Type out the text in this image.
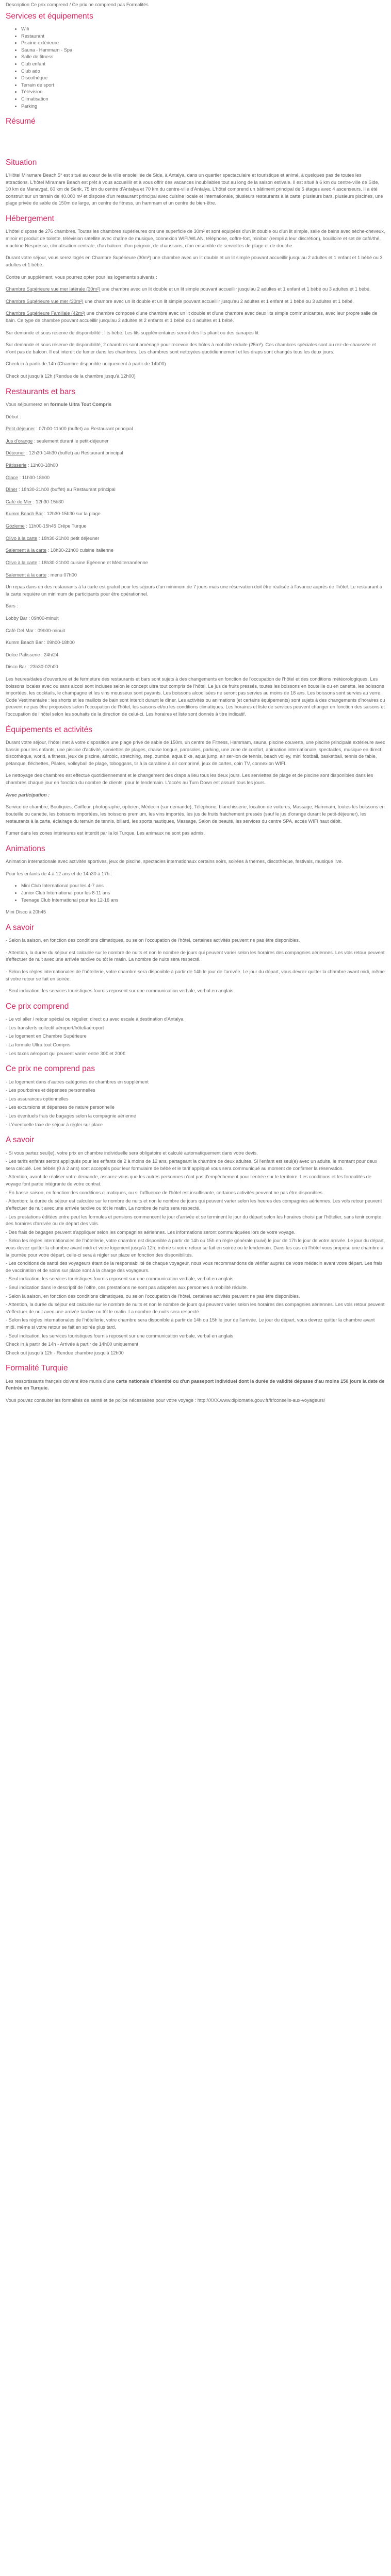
Description Ce prix comprend / Ce prix ne comprend pas Formalités

Services et équipements
• Wifi
• Restaurant
• Piscine extérieure
• Sauna - Hammam - Spa
• Salle de fitness
• Club enfant
• Club ado
• Discothèque
• Terrain de sport
• Télévision
• Climatisation
• Parking
Résumé
Situation

L'Hôtel Miramare Beach 5* est situé au cœur de la ville ensoleillée de Side, à Antalya, dans un quartier spectaculaire et touristique et animé, à quelques pas de toutes les attractions. L'hôtel Miramare Beach est prêt à vous accueillir et à vous offrir des vacances inoubliables tout au long de la saison estivale. Il est situé à 6 km du centre-ville de Side, 10 km de Manavgat, 60 km de Serik, 75 km du centre d'Antalya et 70 km du centre-ville d'Antalya. L'hôtel comprend un bâtiment principal de 5 étages avec 4 ascenseurs. Il a été construit sur un terrain de 40.000 m² et dispose d'un restaurant principal avec cuisine locale et internationale, plusieurs restaurants à la carte, plusieurs bars, plusieurs piscines, une plage privée de sable de 150m de large, un centre de fitness, un hammam et un centre de bien-être.

Hébergement

L'hôtel dispose de 276 chambres. Toutes les chambres supérieures ont une superficie de 30m² et sont équipées d'un lit double ou d'un lit simple, salle de bains avec sèche-cheveux, miroir et produit de toilette, télévision satellite avec chaîne de musique, connexion WIFI/WLAN, téléphone, coffre-fort, minibar (rempli à leur discrétion), bouilloire et set de café/thé, machine Nespresso, climatisation centrale, d'un balcon, d'un peignoir, de chaussons, d'un ensemble de serviettes de plage et de douche.

Durant votre séjour, vous serez logés en Chambre Supérieure (30m²) une chambre avec un lit double et un lit simple pouvant accueillir jusqu'au 2 adultes et 1 enfant et 1 bébé ou 3 adultes et 1 bébé.

Contre un supplément, vous pourrez opter pour les logements suivants :

Chambre Supérieure vue mer latérale (30m²) une chambre avec un lit double et un lit simple pouvant accueillir jusqu'au 2 adultes et 1 enfant et 1 bébé ou 3 adultes et 1 bébé.

Chambre Supérieure vue mer (30m²) une chambre avec un lit double et un lit simple pouvant accueillir jusqu'au 2 adultes et 1 enfant et 1 bébé ou 3 adultes et 1 bébé.

Chambre Supérieure Familiale (42m²) une chambre composé d'une chambre avec un lit double et d'une chambre avec deux lits simple communicantes, avec leur propre salle de bain. Ce type de chambre pouvant accueillir jusqu'au 2 adultes et 2 enfants et 1 bébé ou 4 adultes et 1 bébé.

Sur demande et sous réserve de disponibilité : lits bébé. Les lits supplémentaires seront des lits pliant ou des canapés lit.

Sur demande et sous réserve de disponibilité, 2 chambres sont aménagé pour recevoir des hôtes à mobilité réduite (25m²). Ces chambres spéciales sont au rez-de-chaussée et n'ont pas de balcon. Il est interdit de fumer dans les chambres. Les chambres sont nettoyées quotidiennement et les draps sont changés tous les deux jours.

Check in à partir de 14h (Chambre disponible uniquement à partir de 14h00)

Check out jusqu'à 12h (Rendue de la chambre jusqu'à 12h00)

Restaurants et bars

Vous séjournerez en formule Ultra Tout Compris

Début :

Petit déjeuner : 07h00-11h00 (buffet) au Restaurant principal

Jus d'orange : seulement durant le petit-déjeuner

Déjeuner : 12h30-14h30 (buffet) au Restaurant principal

Pâtisserie : 11h00-18h00

Glace : 11h00-18h00

Dîner : 18h30-21h00 (buffet) au Restaurant principal

Café de Mer : 12h30-15h30

Kumm Beach Bar : 12h30-15h30 sur la plage

Gözleme : 11h00-15h45 Crêpe Turque

Olivo à la carte : 18h30-21h00 petit déjeuner

Salement à la carte : 18h30-21h00 cuisine italienne

Olivo à la carte : 18h30-21h00 cuisine Egéenne et Méditerranéenne

Salement à la carte : menu 07h00

Un repas dans un des restaurants à la carte est gratuit pour les séjours d'un minimum de 7 jours mais une réservation doit être réalisée à l'avance auprès de l'hôtel. Le restaurant à la carte requière un minimum de participants pour être opérationnel.

Bars :

Lobby Bar : 09h00-minuit

Café Del Mar : 09h00-minuit

Kumm Beach Bar : 09h00-18h00

Dolce Patisserie : 24h/24

Disco Bar : 23h30-02h00

Les heures/dates d'ouverture et de fermeture des restaurants et bars sont sujets à des changements en fonction de l'occupation de l'hôtel et des conditions météorologiques. Les boissons locales avec ou sans alcool sont incluses selon le concept ultra tout compris de l'hôtel. Le jus de fruits pressés, toutes les boissons en bouteille ou en canette, les boissons importées, les cocktails, le champagne et les vins mousseux sont payants. Les boissons alcoolisées ne seront pas servies au moins de 18 ans. Les boissons sont servies au verre. Code Vestimentaire : les shorts et les maillots de bain sont interdit durant le dîner. Les activités ou animations (et certains équipements) sont sujets à des changements d'horaires ou peuvent ne pas être proposées selon l'occupation de l'hôtel, les saisons et/ou les conditions climatiques. Les horaires et liste de services peuvent changer en fonction des saisons et l'occupation de l'hôtel selon les souhaits de la direction de celui-ci. Les horaires et liste sont donnés à titre indicatif.

Équipements et activités

Durant votre séjour, l'hôtel met à votre disposition une plage privé de sable de 150m, un centre de Fitness, Hammam, sauna, piscine couverte, une piscine principale extérieure avec bassin pour les enfants, une piscine d'activité, serviettes de plages, chaise longue, parasoles, parking, une zone de confort, animation internationale, spectacles, musique en direct, discothèque, world, a fitness, jeux de piscine, aérobic, stretching, step, zumba, aqua bike, aqua jump, air ser-ion de tennis, beach volley, mini football, basketball, tennis de table, pétanque, fléchettes, Pilates, volleyball de plage, toboggans, tir à la carabine à air comprimé, jeux de cartes, coin TV, connexion WIFI.

Le nettoyage des chambres est effectué quotidiennement et le changement des draps a lieu tous les deux jours. Les serviettes de plage et de piscine sont disponibles dans les chambres chaque jour en fonction du nombre de clients, pour le lendemain. L'accès au Turn Down est assuré tous les jours.

Avec participation :

Service de chambre, Boutiques, Coiffeur, photographe, opticien, Médecin (sur demande), Téléphone, blanchisserie, location de voitures, Massage, Hammam, toutes les boissons en bouteille ou canette, les boissons importées, les boissons premium, les vins importés, les jus de fruits fraichement pressés (sauf le jus d'orange durant le petit-déjeuner), les restaurants à la carte, éclairage du terrain de tennis, billard, les sports nautiques, Massage, Salon de beauté, les services du centre SPA, accès WIFI haut débit.

Fumer dans les zones intérieures est interdit par la loi Turque. Les animaux ne sont pas admis.

Animations

Animation internationale avec activités sportives, jeux de piscine, spectacles internationaux certains soirs, soirées à thèmes, discothèque, festivals, musique live.

Pour les enfants de 4 à 12 ans et de 14h30 à 17h :

• Mini Club International pour les 4-7 ans
• Junior Club International pour les 8-11 ans
• Teenage Club International pour les 12-16 ans

Mini Disco à 20h45

A savoir

- Selon la saison, en fonction des conditions climatiques, ou selon l'occupation de l'hôtel, certaines activités peuvent ne pas être disponibles.

- Attention, la durée du séjour est calculée sur le nombre de nuits et non le nombre de jours qui peuvent varier selon les horaires des compagnies aériennes. Les vols retour peuvent s'effectuer de nuit avec une arrivée tardive ou tôt le matin. La nombre de nuits sera respecté.

- Selon les règles internationales de l'hôtellerie, votre chambre sera disponible à partir de 14h le jour de l'arrivée. Le jour du départ, vous devrez quitter la chambre avant midi, même si votre retour se fait en soirée.

- Seul indication, les services touristiques fournis reposent sur une communication verbale, verbal en anglais

Ce prix comprend

- Le vol aller / retour spécial ou régulier, direct ou avec escale à destination d'Antalya

- Les transferts collectif aéroport/hôtel/aéroport

- Le logement en Chambre Supérieure

- La formule Ultra tout Compris

- Les taxes aéroport qui peuvent varier entre 30€ et 200€

Ce prix ne comprend pas

- Le logement dans d'autres catégories de chambres en supplément

- Les pourboires et dépenses personnelles

- Les assurances optionnelles

- Les excursions et dépenses de nature personnelle

- Les éventuels frais de bagages selon la compagnie aérienne

- L'éventuelle taxe de séjour à régler sur place

A savoir

- Si vous partez seul(e), votre prix en chambre individuelle sera obligatoire et calculé automatiquement dans votre devis.

- Les tarifs enfants seront appliqués pour les enfants de 2 à moins de 12 ans, partageant la chambre de deux adultes. Si l'enfant est seul(e) avec un adulte, le montant pour deux sera calculé. Les bébés (0 à 2 ans) sont acceptés pour leur formulaire de bébé et le tarif appliqué vous sera communiqué au moment de confirmer la réservation.

- Attention, avant de réaliser votre demande, assurez-vous que les autres personnes n'ont pas d'empêchement pour l'entrée sur le territoire. Les conditions et les formalités de voyage font partie intégrante de votre contrat.

- En basse saison, en fonction des conditions climatiques, ou si l'affluence de l'hôtel est insuffisante, certaines activités peuvent ne pas être disponibles.

- Attention: la durée du séjour est calculée sur le nombre de nuits et non le nombre de jours qui peuvent varier selon les heures des compagnies aériennes. Les vols retour peuvent s'effectuer de nuit avec une arrivée tardive ou tôt le matin. La nombre de nuits sera respecté.

- Les prestations éditées entre peut les formules et pensions commencent le jour d'arrivée et se terminent le jour du départ selon les horaires choisi par l'hôtelier, sans tenir compte des horaires d'arrivée ou de départ des vols.

- Des frais de bagages peuvent s'appliquer selon les compagnies aériennes. Les informations seront communiquées lors de votre voyage.

- Selon les règles internationales de l'hôtellerie, votre chambre est disponible à partir de 14h ou 15h en règle générale (suivi) le jour de 17h le jour de votre arrivée. Le jour du départ, vous devez quitter la chambre avant midi et votre logement jusqu'à 12h, même si votre retour se fait en soirée ou le lendemain. Dans les cas où l'hôtel vous propose une chambre à la journée pour votre départ, celle-ci sera à régler sur place en fonction des disponibilités.

- Les conditions de santé des voyageurs étant de la responsabilité de chaque voyageur, nous vous recommandons de vérifier auprès de votre médecin avant votre départ. Les frais de vaccination et de soins sur place sont à la charge des voyageurs.

- Seul indication, les services touristiques fournis reposent sur une communication verbale, verbal en anglais.

- Seul indication dans le descriptif de l'offre, ces prestations ne sont pas adaptées aux personnes à mobilité réduite.

- Selon la saison, en fonction des conditions climatiques, ou selon l'occupation de l'hôtel, certaines activités peuvent ne pas être disponibles.

- Attention, la durée du séjour est calculée sur le nombre de nuits et non le nombre de jours qui peuvent varier selon les horaires des compagnies aériennes. Les vols retour peuvent s'effectuer de nuit avec une arrivée tardive ou tôt le matin. La nombre de nuits sera respecté.

- Selon les règles internationales de l'hôtellerie, votre chambre sera disponible à partir de 14h ou 15h le jour de l'arrivée. Le jour du départ, vous devrez quitter la chambre avant midi, même si votre retour se fait en soirée plus tard.

- Seul indication, les services touristiques fournis reposent sur une communication verbale, verbal en anglais

Check in à partir de 14h - Arrivée à partir de 14h00 uniquement

Check out jusqu'à 12h - Rendue chambre jusqu'à 12h00

Formalité Turquie

Les ressortissants français doivent être munis d'une carte nationale d'identité ou d'un passeport individuel dont la durée de validité dépasse d'au moins 150 jours la date de l'entrée en Turquie.

Vous pouvez consulter les formalités de santé et de police nécessaires pour votre voyage : http://XXX.www.diplomatie.gouv.fr/fr/conseils-aux-voyageurs/
